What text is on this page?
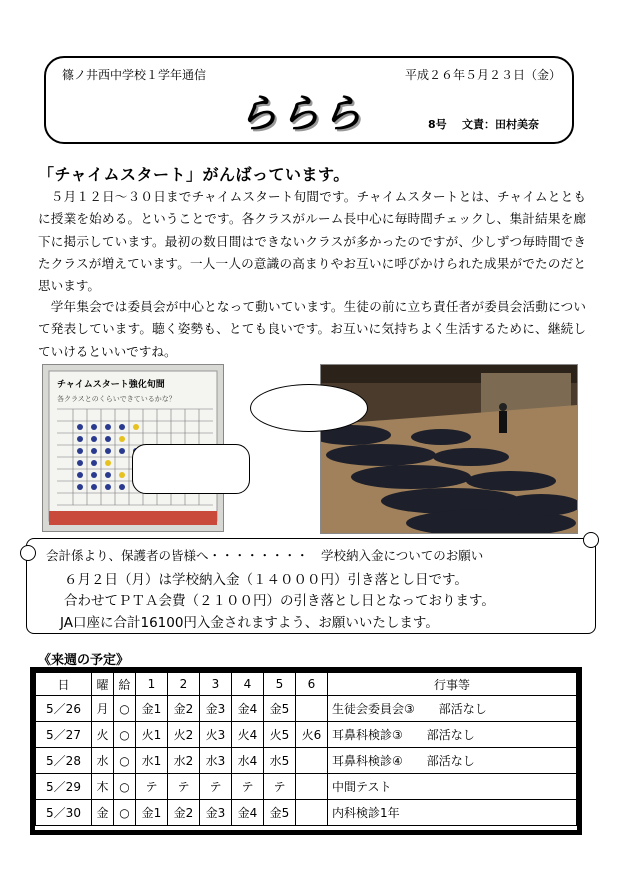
篠ノ井西中学校１学年通信	平成２６年５月２３日（金）
ららら	8号 文責：田村美奈
「チャイムスタート」がんばっています。
　５月１２日～３０日までチャイムスタート旬間です。チャイムスタートとは、チャイムとともに授業を始める。ということです。各クラスがルーム長中心に毎時間チェックし、集計結果を廊下に掲示しています。最初の数日間はできないクラスが多かったのですが、少しずつ毎時間できたクラスが増えています。一人一人の意識の高まりやお互いに呼びかけられた成果がでたのだと思います。
　学年集会では委員会が中心となって動いています。生徒の前に立ち責任者が委員会活動について発表しています。聴く姿勢も、とても良いです。お互いに気持ちよく生活するために、継続していけるといいですね。
チャイムスタート強化旬間
各クラスとのくらいできているかな？
会計係より、保護者の皆様へ・・・・・・・・　学校納入金についてのお願い
６月２日（月）は学校納入金（１４０００円）引き落とし日です。
合わせてＰＴＡ会費（２１００円）の引き落とし日となっております。
JA口座に合計16100円入金されますよう、お願いいたします。
《来週の予定》
日	曜	給	1	2	3	4	5	6	行事等
5／26	月	○	金1	金2	金3	金4	金5		生徒会委員会③ 部活なし
5／27	火	○	火1	火2	火3	火4	火5	火6	耳鼻科検診③ 部活なし
5／28	水	○	水1	水2	水3	水4	水5		耳鼻科検診④ 部活なし
5／29	木	○	テ	テ	テ	テ	テ		中間テスト
5／30	金	○	金1	金2	金3	金4	金5		内科検診1年
